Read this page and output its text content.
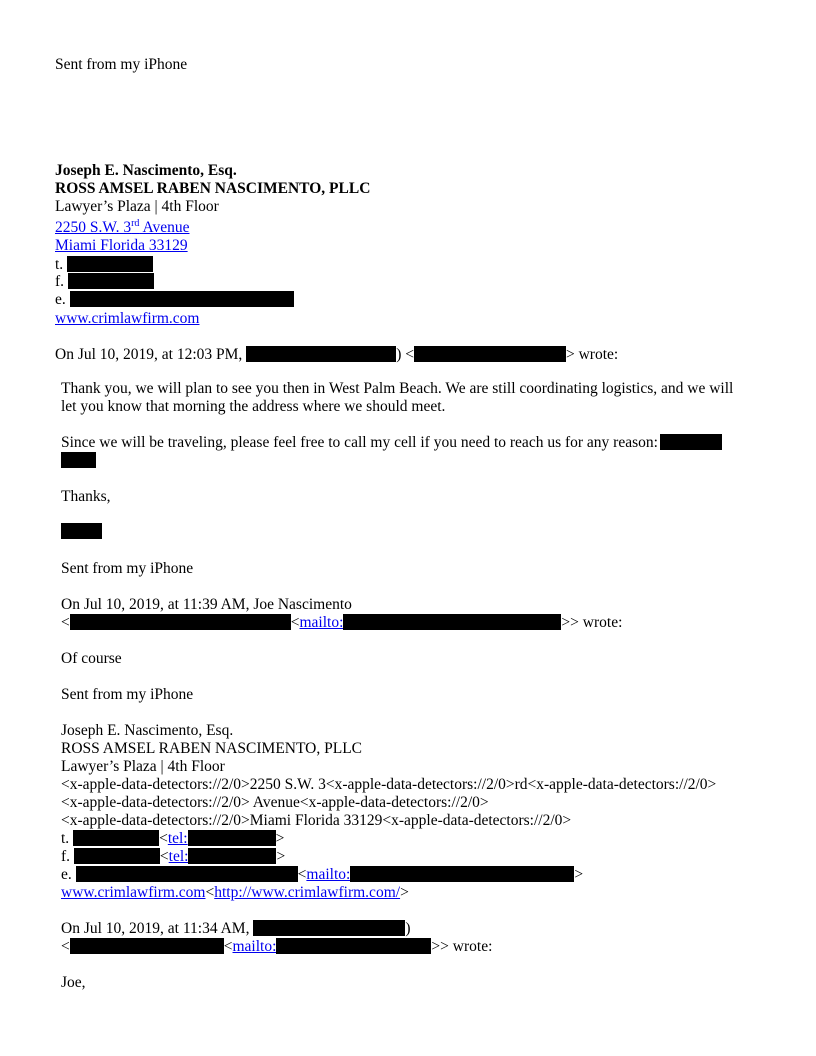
Sent from my iPhone
Joseph E. Nascimento, Esq.
ROSS AMSEL RABEN NASCIMENTO, PLLC
Lawyer’s Plaza | 4th Floor
2250 S.W. 3rd Avenue
Miami Florida 33129
t.
f.
e.
www.crimlawfirm.com
On Jul 10, 2019, at 12:03 PM,	) <	> wrote:
Thank you, we will plan to see you then in West Palm Beach. We are still coordinating logistics, and we will
let you know that morning the address where we should meet.
Since we will be traveling, please feel free to call my cell if you need to reach us for any reason:
Thanks,
Sent from my iPhone
On Jul 10, 2019, at 11:39 AM, Joe Nascimento
<	<mailto:	>> wrote:
Of course
Sent from my iPhone
Joseph E. Nascimento, Esq.
ROSS AMSEL RABEN NASCIMENTO, PLLC
Lawyer’s Plaza | 4th Floor
<x-apple-data-detectors://2/0>2250 S.W. 3<x-apple-data-detectors://2/0>rd<x-apple-data-detectors://2/0>
<x-apple-data-detectors://2/0> Avenue<x-apple-data-detectors://2/0>
<x-apple-data-detectors://2/0>Miami Florida 33129<x-apple-data-detectors://2/0>
t.	<tel:	>
f.	<tel:	>
e.	<mailto:	>
www.crimlawfirm.com<http://www.crimlawfirm.com/>
On Jul 10, 2019, at 11:34 AM,	)
<	<mailto:	>> wrote:
Joe,
